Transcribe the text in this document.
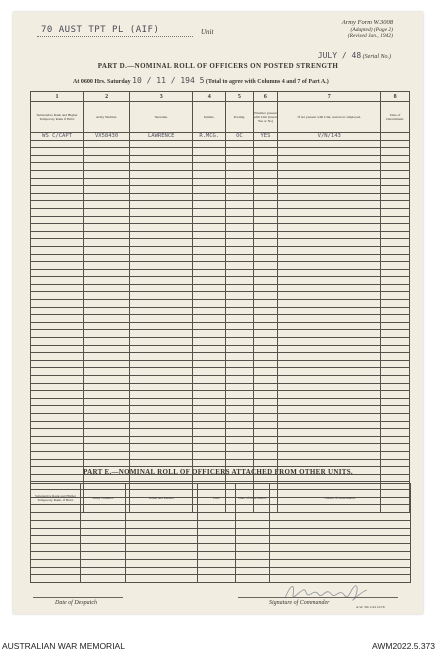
70 AUST TPT PL (AIF)	Unit
Army Form W.3008
(Adapted) (Page 2)
(Revised Jan., 1942)
JULY / 48 (Serial No.)
PART D.—NOMINAL ROLL OF OFFICERS ON POSTED STRENGTH
At 0600 Hrs. Saturday 10 / 11 / 194 5 (Total to agree with Columns 4 and 7 of Part A.)
1	2	3	4	5	6	7	8
Substantive Rank and Higher Temporary Rank if Held.	Army Number.	Surname.	Initials.	Posting.	Whether present with Unit (insert Yes or No)	If not present with Unit, state how employed.	Date of Detachment.
WS C/CAPT	VX58430	LAWRENCE	R.MCG.	OC	YES	V/N/143	

PART E.—NOMINAL ROLL OF OFFICERS ATTACHED FROM OTHER UNITS.
Substantive Rank and Higher Temporary Rank, if Held.	Army Number.	Name and Initials.	Unit.	Date of Attachment.	Nature of Attachment.

Date of Despatch	Signature of Commander
A.W. 3m 1/44 12/18
AUSTRALIAN WAR MEMORIAL	AWM2022.5.373
